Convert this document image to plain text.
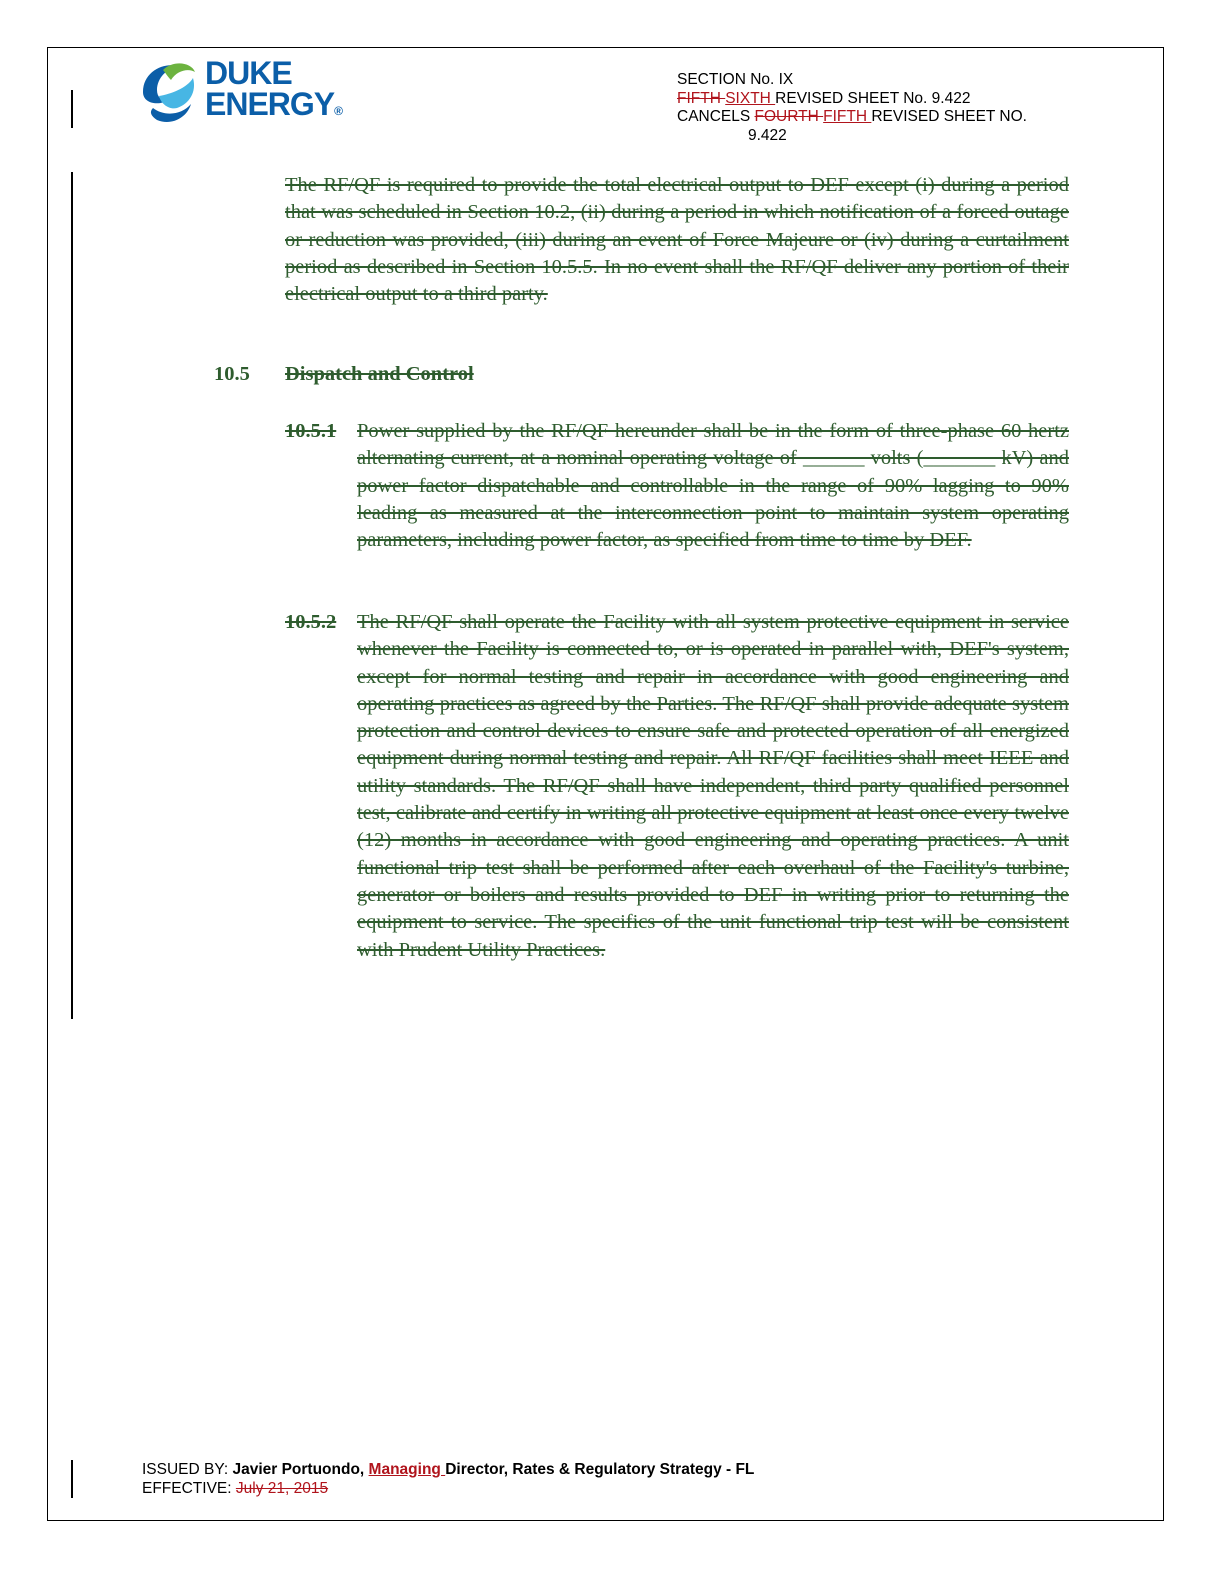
DUKE
ENERGY®
SECTION No. IX
FIFTH SIXTH REVISED SHEET No. 9.422
CANCELS FOURTH FIFTH REVISED SHEET NO.
9.422
The RF/QF is required to provide the total electrical output to DEF except (i) during a period that was scheduled in Section 10.2, (ii) during a period in which notification of a forced outage or reduction was provided, (iii) during an event of Force Majeure or (iv) during a curtailment period as described in Section 10.5.5. In no event shall the RF/QF deliver any portion of their electrical output to a third party.
10.5 Dispatch and Control
10.5.1 Power supplied by the RF/QF hereunder shall be in the form of three-phase 60 hertz alternating current, at a nominal operating voltage of ______ volts (_______ kV) and power factor dispatchable and controllable in the range of 90% lagging to 90% leading as measured at the interconnection point to maintain system operating parameters, including power factor, as specified from time to time by DEF.
10.5.2 The RF/QF shall operate the Facility with all system protective equipment in service whenever the Facility is connected to, or is operated in parallel with, DEF's system, except for normal testing and repair in accordance with good engineering and operating practices as agreed by the Parties. The RF/QF shall provide adequate system protection and control devices to ensure safe and protected operation of all energized equipment during normal testing and repair. All RF/QF facilities shall meet IEEE and utility standards. The RF/QF shall have independent, third party qualified personnel test, calibrate and certify in writing all protective equipment at least once every twelve (12) months in accordance with good engineering and operating practices. A unit functional trip test shall be performed after each overhaul of the Facility's turbine, generator or boilers and results provided to DEF in writing prior to returning the equipment to service. The specifics of the unit functional trip test will be consistent with Prudent Utility Practices.
ISSUED BY: Javier Portuondo, Managing Director, Rates & Regulatory Strategy - FL
EFFECTIVE: July 21, 2015
